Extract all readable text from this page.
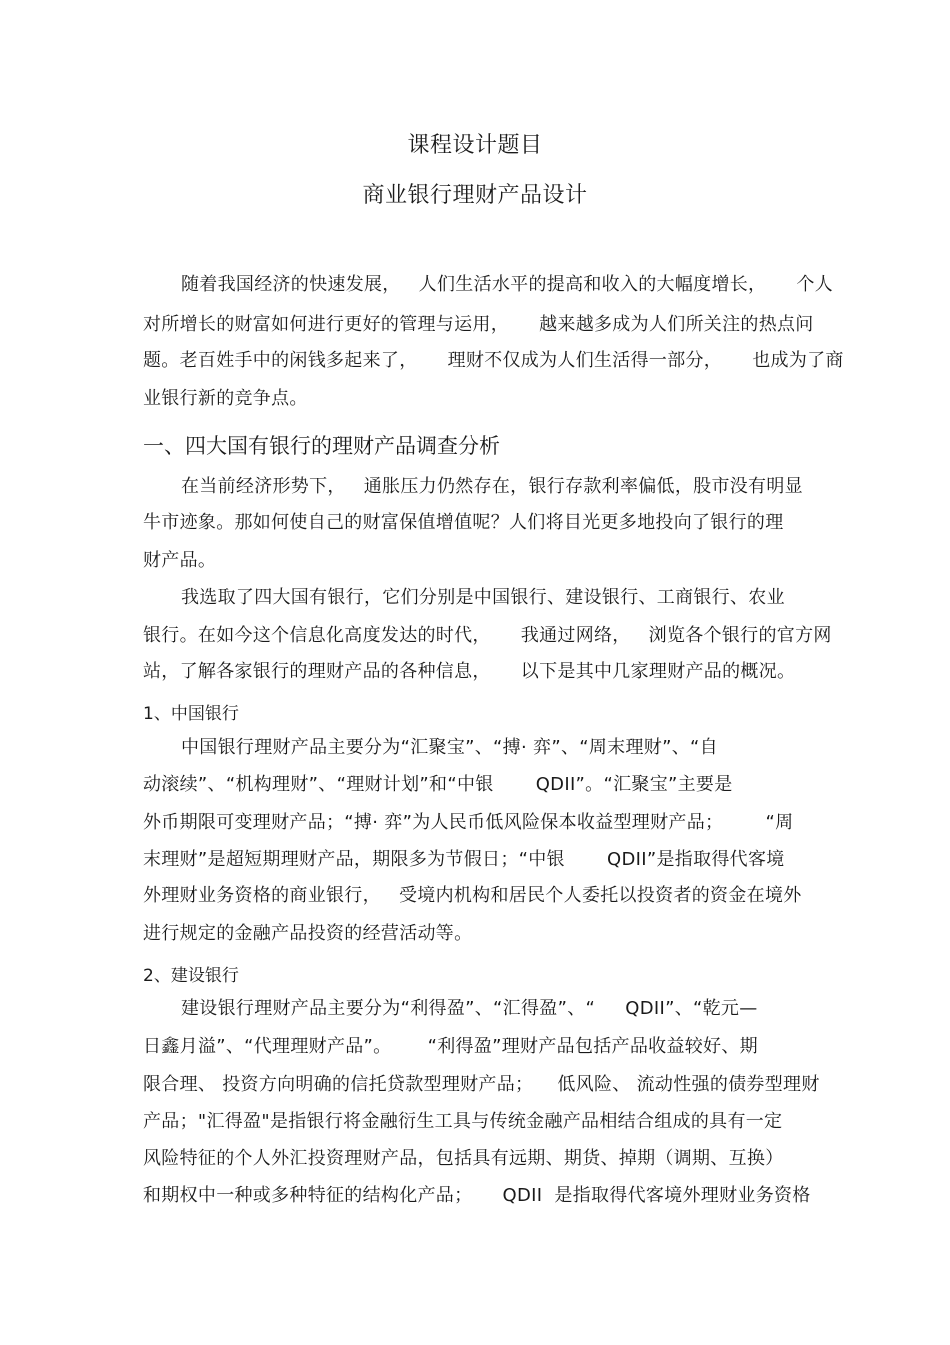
课程设计题目
商业银行理财产品设计
随着我国经济的快速发展，   人们生活水平的提高和收入的大幅度增长，     个人
对所增长的财富如何进行更好的管理与运用，     越来越多成为人们所关注的热点问
题。老百姓手中的闲钱多起来了，     理财不仅成为人们生活得一部分，     也成为了商
业银行新的竞争点。
一、四大国有银行的理财产品调查分析
在当前经济形势下，   通胀压力仍然存在，银行存款利率偏低，股市没有明显
牛市迹象。那如何使自己的财富保值增值呢？人们将目光更多地投向了银行的理
财产品。
我选取了四大国有银行，它们分别是中国银行、建设银行、工商银行、农业
银行。在如今这个信息化高度发达的时代，     我通过网络，   浏览各个银行的官方网
站，了解各家银行的理财产品的各种信息，     以下是其中几家理财产品的概况。
1、中国银行
中国银行理财产品主要分为“汇聚宝”、“搏· 弈”、“周末理财”、“自
动滚续”、“机构理财”、“理财计划”和“中银       QDII”。“汇聚宝”主要是
外币期限可变理财产品；“搏· 弈”为人民币低风险保本收益型理财产品；       “周
末理财”是超短期理财产品，期限多为节假日；“中银       QDII”是指取得代客境
外理财业务资格的商业银行，   受境内机构和居民个人委托以投资者的资金在境外
进行规定的金融产品投资的经营活动等。
2、建设银行
建设银行理财产品主要分为“利得盈”、“汇得盈”、“     QDII”、“乾元—
日鑫月溢”、“代理理财产品”。      “利得盈”理财产品包括产品收益较好、期
限合理、 投资方向明确的信托贷款型理财产品；    低风险、 流动性强的债券型理财
产品；"汇得盈"是指银行将金融衍生工具与传统金融产品相结合组成的具有一定
风险特征的个人外汇投资理财产品，包括具有远期、期货、掉期（调期、互换）
和期权中一种或多种特征的结构化产品；     QDII  是指取得代客境外理财业务资格
